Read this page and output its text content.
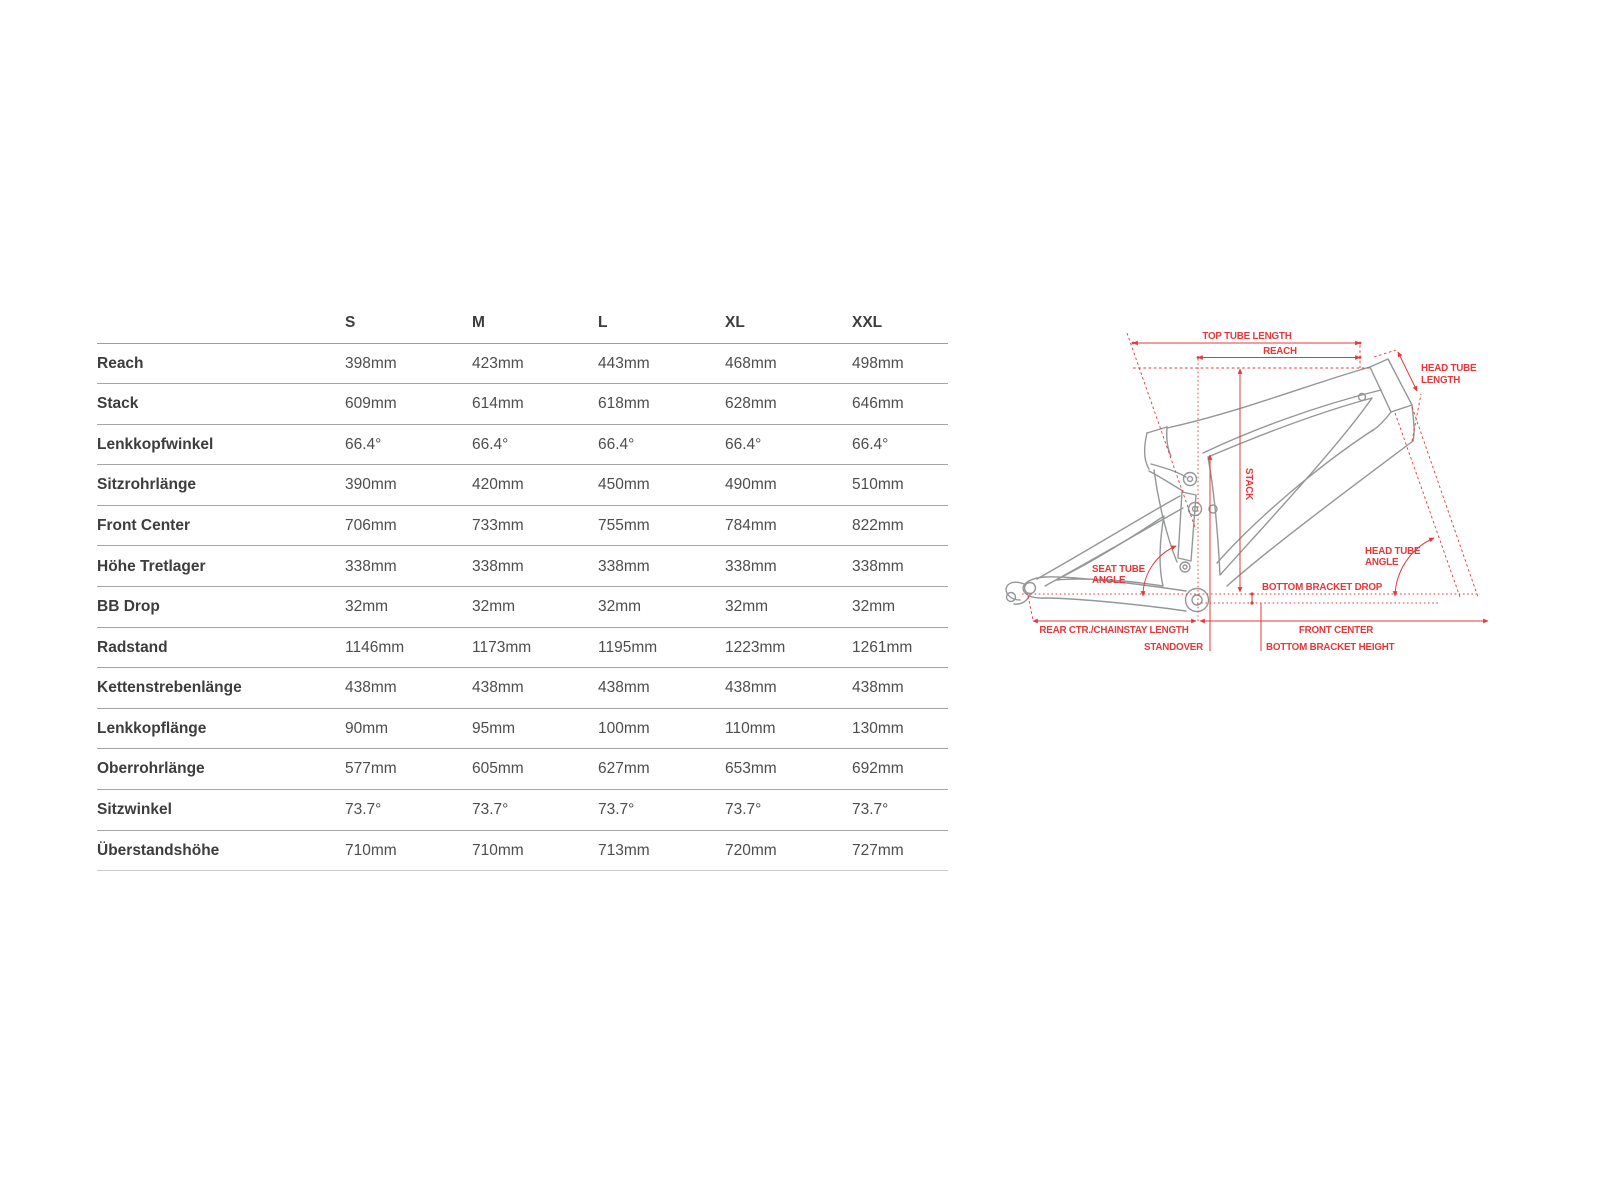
	S	M	L	XL	XXL
Reach	398mm	423mm	443mm	468mm	498mm
Stack	609mm	614mm	618mm	628mm	646mm
Lenkkopfwinkel	66.4°	66.4°	66.4°	66.4°	66.4°
Sitzrohrlänge	390mm	420mm	450mm	490mm	510mm
Front Center	706mm	733mm	755mm	784mm	822mm
Höhe Tretlager	338mm	338mm	338mm	338mm	338mm
BB Drop	32mm	32mm	32mm	32mm	32mm
Radstand	1146mm	1173mm	1195mm	1223mm	1261mm
Kettenstrebenlänge	438mm	438mm	438mm	438mm	438mm
Lenkkopflänge	90mm	95mm	100mm	110mm	130mm
Oberrohrlänge	577mm	605mm	627mm	653mm	692mm
Sitzwinkel	73.7°	73.7°	73.7°	73.7°	73.7°
Überstandshöhe	710mm	710mm	713mm	720mm	727mm
TOP TUBE LENGTH
REACH
HEAD TUBE
LENGTH
STACK
SEAT TUBE
ANGLE
HEAD TUBE
ANGLE
BOTTOM BRACKET DROP
REAR CTR./CHAINSTAY LENGTH	FRONT CENTER
STANDOVER	BOTTOM BRACKET HEIGHT
